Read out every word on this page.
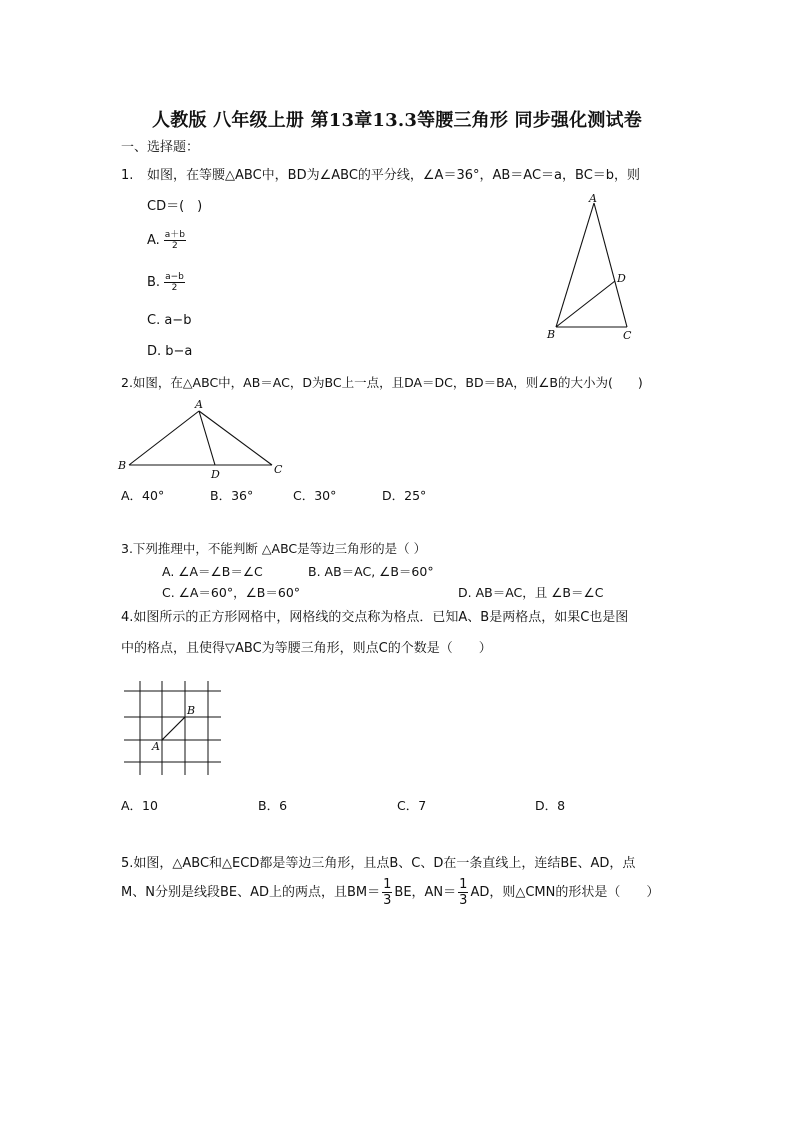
人教版 八年级上册 第13章13.3等腰三角形 同步强化测试卷
一、选择题：
1. 如图，在等腰△ABC中，BD为∠ABC的平分线，∠A＝36°，AB＝AC＝a，BC＝b，则
CD＝(　)
A. $\frac{a+b}{2}$
B. $\frac{a-b}{2}$
C. a−b
D. b−a
A
D
B	C
2.如图，在△ABC中，AB＝AC，D为BC上一点，且DA＝DC，BD＝BA，则∠B的大小为(　　)
A
B
D	C
A．40°	B．36°	C．30°	D．25°
3.下列推理中，不能判断 △ABC是等边三角形的是（ ）
A. ∠A＝∠B＝∠C	B. AB＝AC, ∠B＝60°
C. ∠A＝60°，∠B＝60°	D. AB＝AC，且 ∠B＝∠C
4.如图所示的正方形网格中，网格线的交点称为格点．已知A、B是两格点，如果C也是图
中的格点，且使得▽ABC为等腰三角形，则点C的个数是（　　）
A
B
A．10	B．6	C．7	D．8
5.如图，△ABC和△ECD都是等边三角形，且点B、C、D在一条直线上，连结BE、AD，点
M、N分别是线段BE、AD上的两点，且$BM= \frac{1}{3}$ BE，$AN= \frac{1}{3}$ AD，则△CMN的形状是（　　）
